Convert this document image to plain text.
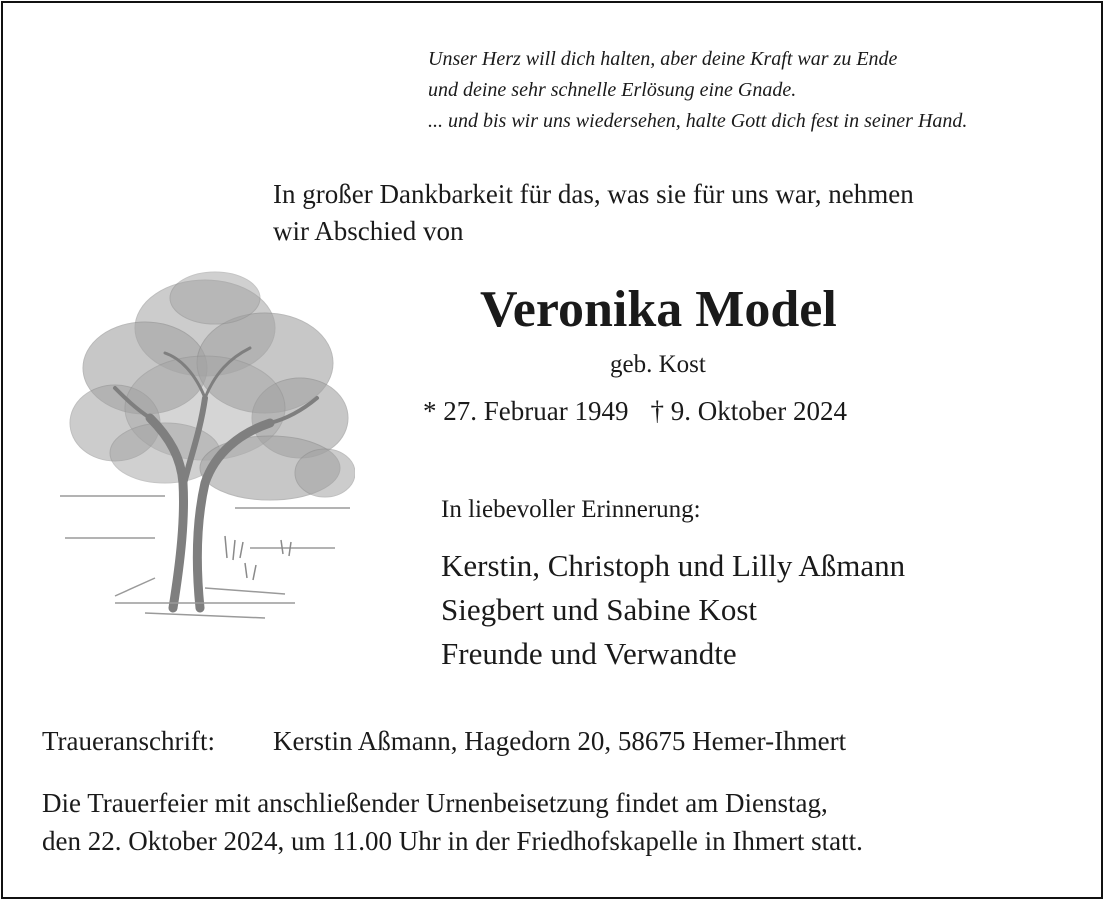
Unser Herz will dich halten, aber deine Kraft war zu Ende
und deine sehr schnelle Erlösung eine Gnade.
... und bis wir uns wiedersehen, halte Gott dich fest in seiner Hand.
In großer Dankbarkeit für das, was sie für uns war, nehmen
wir Abschied von
Veronika Model
geb. Kost
* 27. Februar 1949 † 9. Oktober 2024
In liebevoller Erinnerung:
Kerstin, Christoph und Lilly Aßmann
Siegbert und Sabine Kost
Freunde und Verwandte
Traueranschrift: Kerstin Aßmann, Hagedorn 20, 58675 Hemer-Ihmert
Die Trauerfeier mit anschließender Urnenbeisetzung findet am Dienstag,
den 22. Oktober 2024, um 11.00 Uhr in der Friedhofskapelle in Ihmert statt.
